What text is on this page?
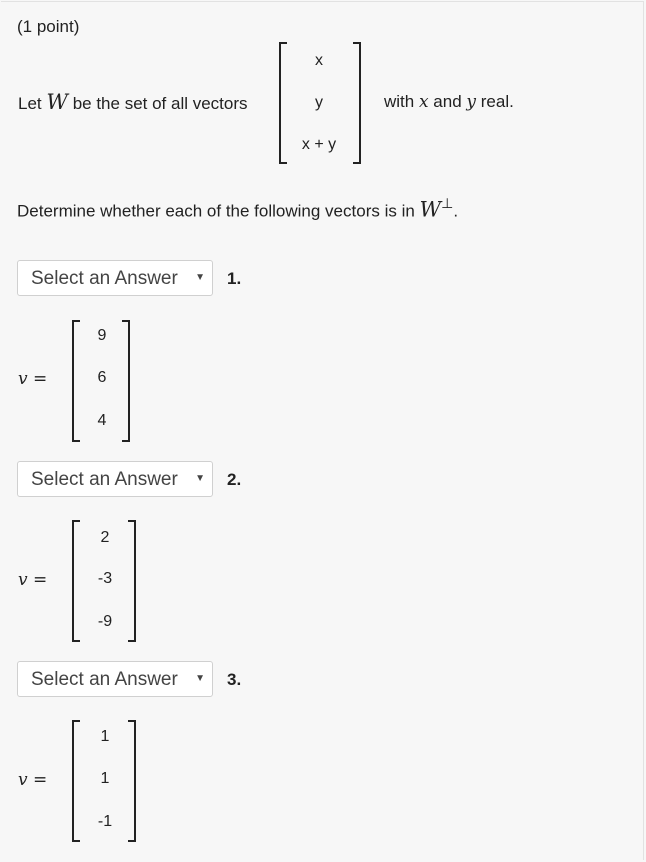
(1 point)
Let W be the set of all vectors
x
y
x + y
with x and y real.
Determine whether each of the following vectors is in W⊥.
Select an Answer ▼ 1.
v =
9
6
4
Select an Answer ▼ 2.
v =
2
-3
-9
Select an Answer ▼ 3.
v =
1
1
-1
